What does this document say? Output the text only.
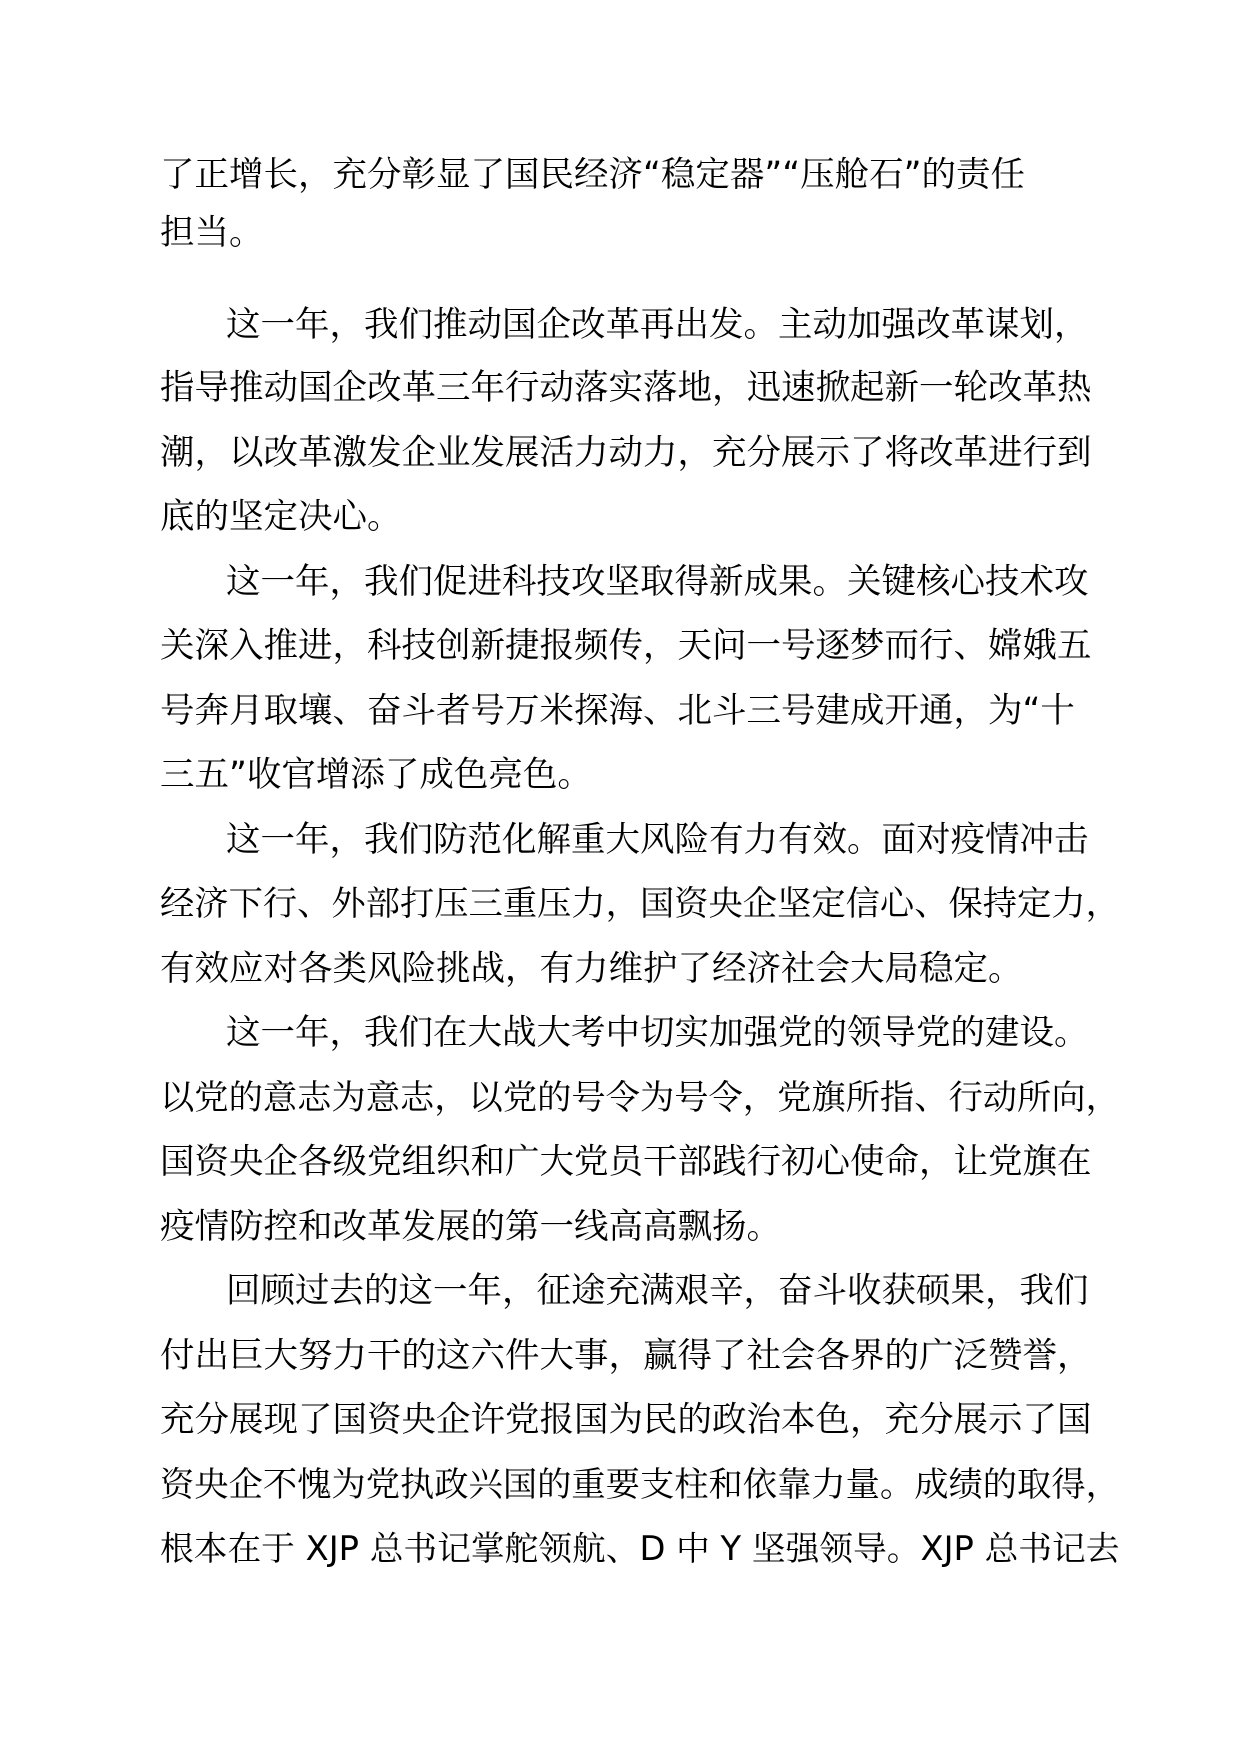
了正增长，充分彰显了国民经济“稳定器”“压舱石”的责任
担当。
这一年，我们推动国企改革再出发。主动加强改革谋划，
指导推动国企改革三年行动落实落地，迅速掀起新一轮改革热
潮，以改革激发企业发展活力动力，充分展示了将改革进行到
底的坚定决心。
这一年，我们促进科技攻坚取得新成果。关键核心技术攻
关深入推进，科技创新捷报频传，天问一号逐梦而行、嫦娥五
号奔月取壤、奋斗者号万米探海、北斗三号建成开通，为“十
三五”收官增添了成色亮色。
这一年，我们防范化解重大风险有力有效。面对疫情冲击
经济下行、外部打压三重压力，国资央企坚定信心、保持定力，
有效应对各类风险挑战，有力维护了经济社会大局稳定。
这一年，我们在大战大考中切实加强党的领导党的建设。
以党的意志为意志，以党的号令为号令，党旗所指、行动所向，
国资央企各级党组织和广大党员干部践行初心使命，让党旗在
疫情防控和改革发展的第一线高高飘扬。
回顾过去的这一年，征途充满艰辛，奋斗收获硕果，我们
付出巨大努力干的这六件大事，赢得了社会各界的广泛赞誉，
充分展现了国资央企许党报国为民的政治本色，充分展示了国
资央企不愧为党执政兴国的重要支柱和依靠力量。成绩的取得，
根本在于 XJP 总书记掌舵领航、D 中 Y 坚强领导。XJP 总书记去
